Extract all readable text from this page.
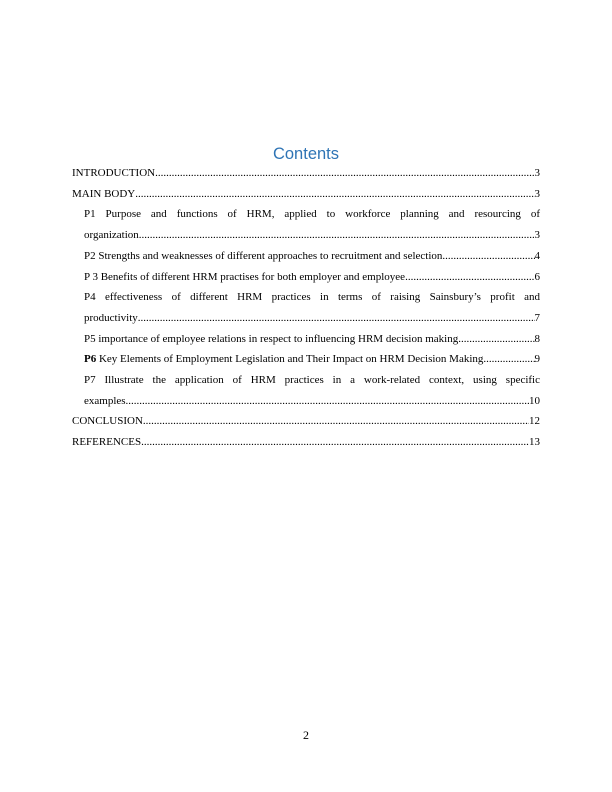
Contents
INTRODUCTION .....	3
MAIN BODY .....	3
P1 Purpose and functions of HRM, applied to workforce planning and resourcing of
organization .....	3
P2 Strengths and weaknesses of different approaches to recruitment and selection .....	4
P 3 Benefits of different HRM practises for both employer and employee .....	6
P4 effectiveness of different HRM practices in terms of raising Sainsbury’s profit and
productivity .....	7
P5 importance of employee relations in respect to influencing HRM decision making .....	8
P6 Key Elements of Employment Legislation and Their Impact on HRM Decision Making .....	9
P7 Illustrate the application of HRM practices in a work-related context, using specific
examples .....	10
CONCLUSION .....	12
REFERENCES .....	13
2
